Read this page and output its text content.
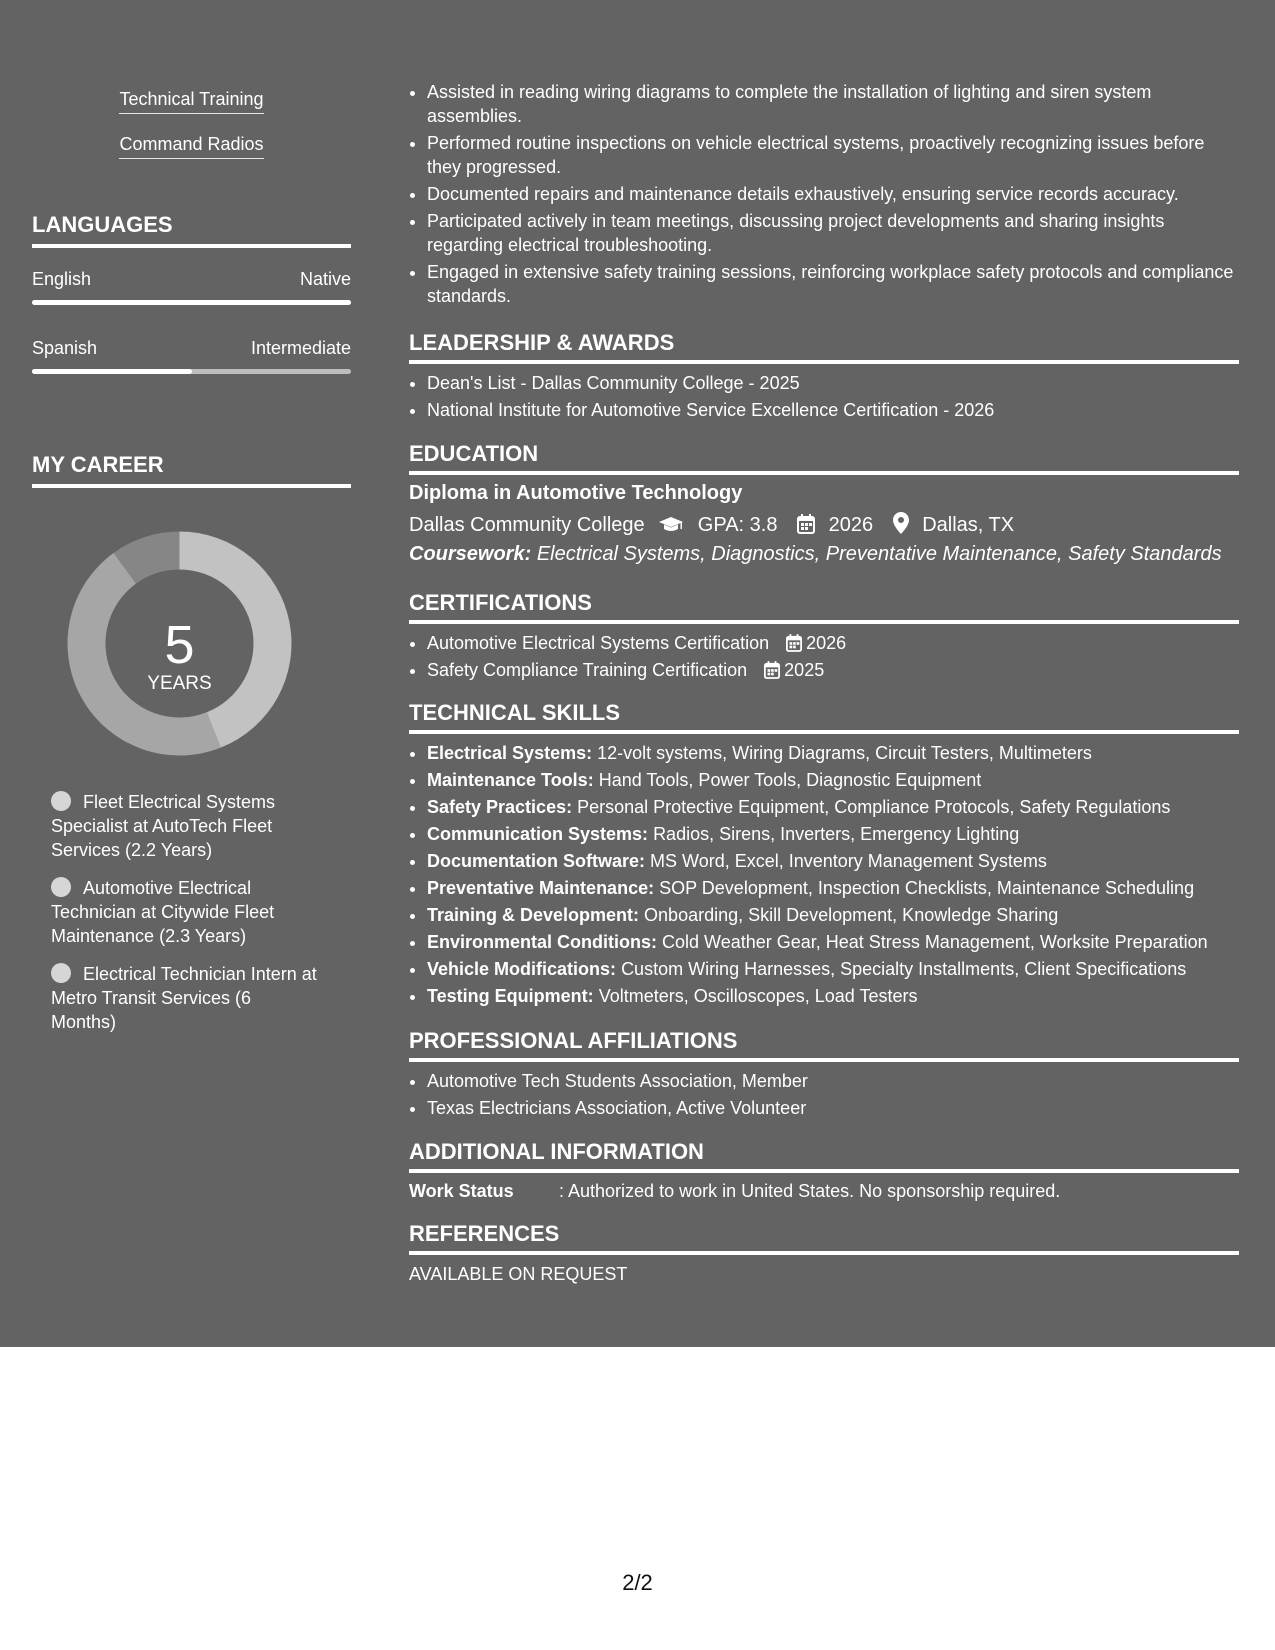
Technical Training
Command Radios
LANGUAGES
English	Native
Spanish	Intermediate
MY CAREER
5
YEARS
Fleet Electrical Systems Specialist at AutoTech Fleet Services (2.2 Years)
Automotive Electrical Technician at Citywide Fleet Maintenance (2.3 Years)
Electrical Technician Intern at Metro Transit Services (6 Months)
• Assisted in reading wiring diagrams to complete the installation of lighting and siren system assemblies.
• Performed routine inspections on vehicle electrical systems, proactively recognizing issues before they progressed.
• Documented repairs and maintenance details exhaustively, ensuring service records accuracy.
• Participated actively in team meetings, discussing project developments and sharing insights regarding electrical troubleshooting.
• Engaged in extensive safety training sessions, reinforcing workplace safety protocols and compliance standards.
LEADERSHIP & AWARDS
• Dean's List - Dallas Community College - 2025
• National Institute for Automotive Service Excellence Certification - 2026
EDUCATION
Diploma in Automotive Technology
Dallas Community College	GPA: 3.8	2026 Dallas, TX
Coursework: Electrical Systems, Diagnostics, Preventative Maintenance, Safety Standards
CERTIFICATIONS
• Automotive Electrical Systems Certification 2026
• Safety Compliance Training Certification 2025
TECHNICAL SKILLS
• Electrical Systems: 12-volt systems, Wiring Diagrams, Circuit Testers, Multimeters
• Maintenance Tools: Hand Tools, Power Tools, Diagnostic Equipment
• Safety Practices: Personal Protective Equipment, Compliance Protocols, Safety Regulations
• Communication Systems: Radios, Sirens, Inverters, Emergency Lighting
• Documentation Software: MS Word, Excel, Inventory Management Systems
• Preventative Maintenance: SOP Development, Inspection Checklists, Maintenance Scheduling
• Training & Development: Onboarding, Skill Development, Knowledge Sharing
• Environmental Conditions: Cold Weather Gear, Heat Stress Management, Worksite Preparation
• Vehicle Modifications: Custom Wiring Harnesses, Specialty Installments, Client Specifications
• Testing Equipment: Voltmeters, Oscilloscopes, Load Testers
PROFESSIONAL AFFILIATIONS
• Automotive Tech Students Association, Member
• Texas Electricians Association, Active Volunteer
ADDITIONAL INFORMATION
Work Status	: Authorized to work in United States. No sponsorship required.
REFERENCES
AVAILABLE ON REQUEST
2/2
